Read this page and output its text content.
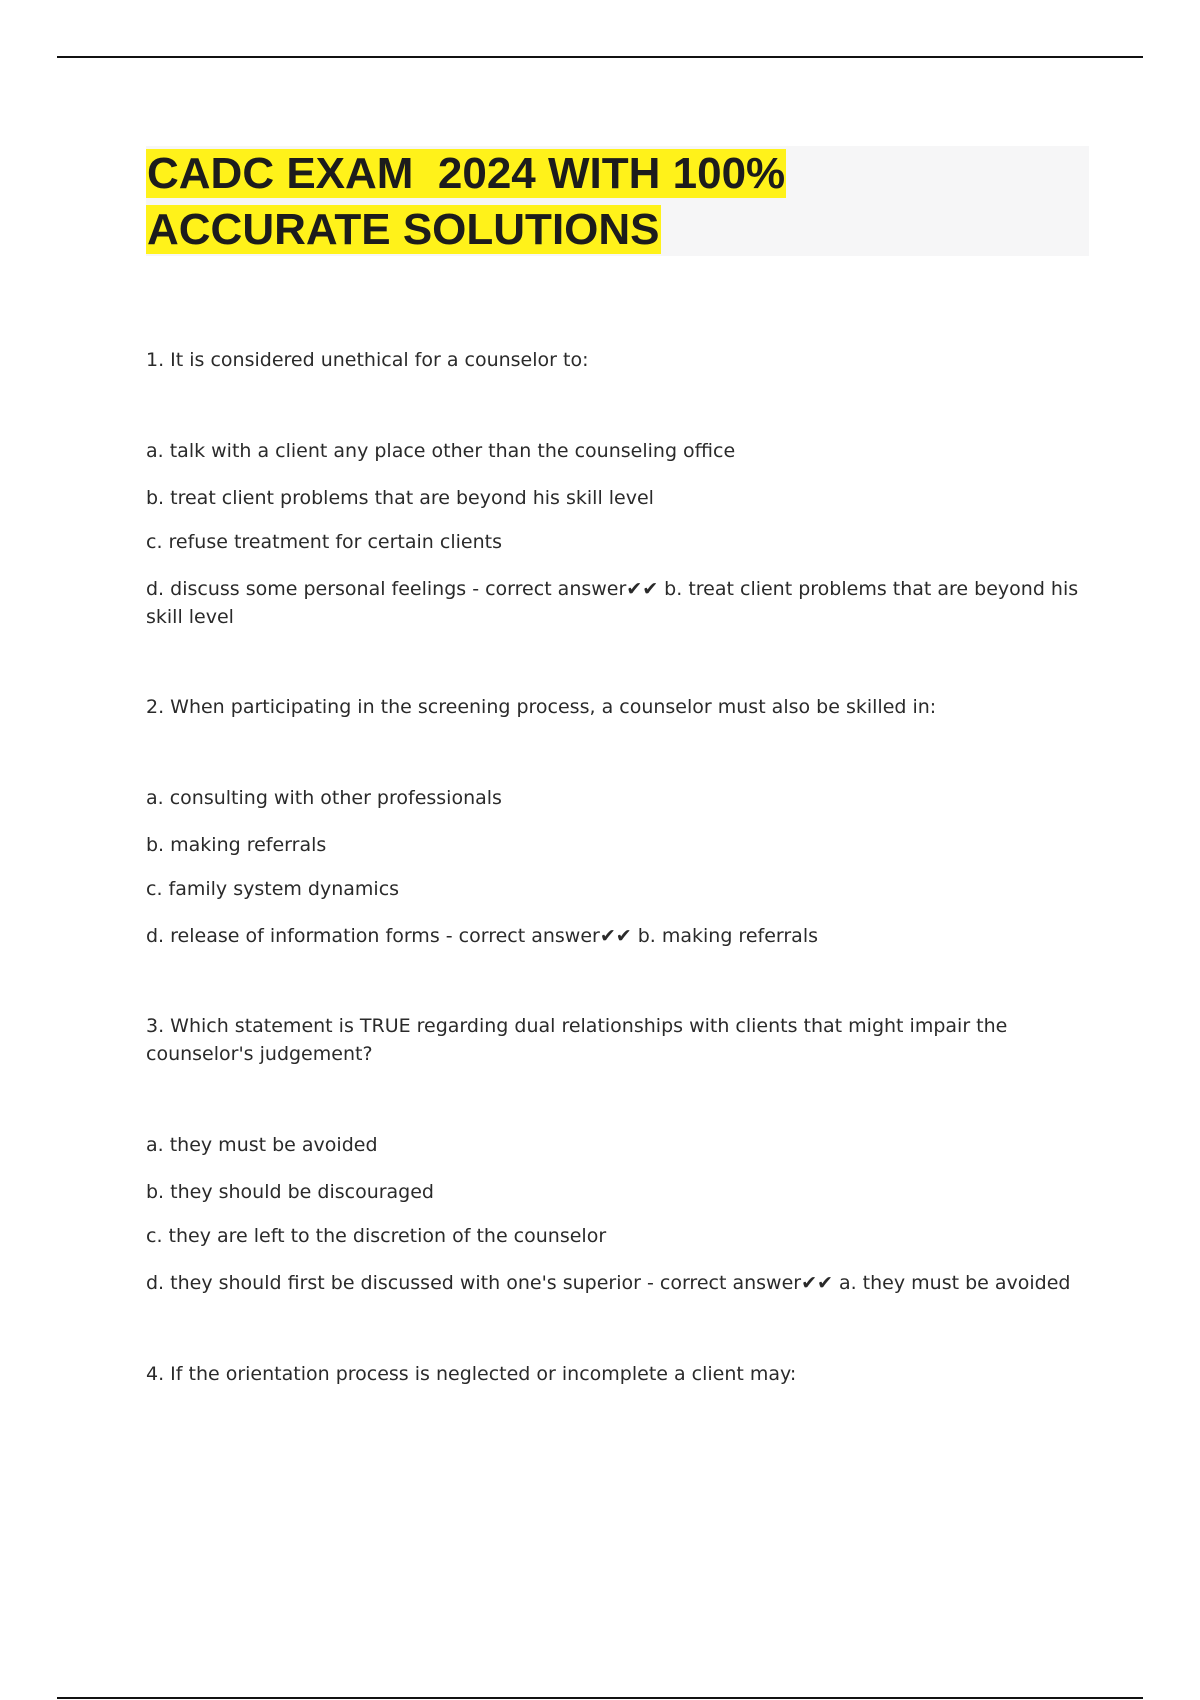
CADC EXAM  2024 WITH 100%
ACCURATE SOLUTIONS
1. It is considered unethical for a counselor to:
a. talk with a client any place other than the counseling office
b. treat client problems that are beyond his skill level
c. refuse treatment for certain clients
d. discuss some personal feelings - correct answer✔✔ b. treat client problems that are beyond his skill level
2. When participating in the screening process, a counselor must also be skilled in:
a. consulting with other professionals
b. making referrals
c. family system dynamics
d. release of information forms - correct answer✔✔ b. making referrals
3. Which statement is TRUE regarding dual relationships with clients that might impair the counselor's judgement?
a. they must be avoided
b. they should be discouraged
c. they are left to the discretion of the counselor
d. they should first be discussed with one's superior - correct answer✔✔ a. they must be avoided
4. If the orientation process is neglected or incomplete a client may:
